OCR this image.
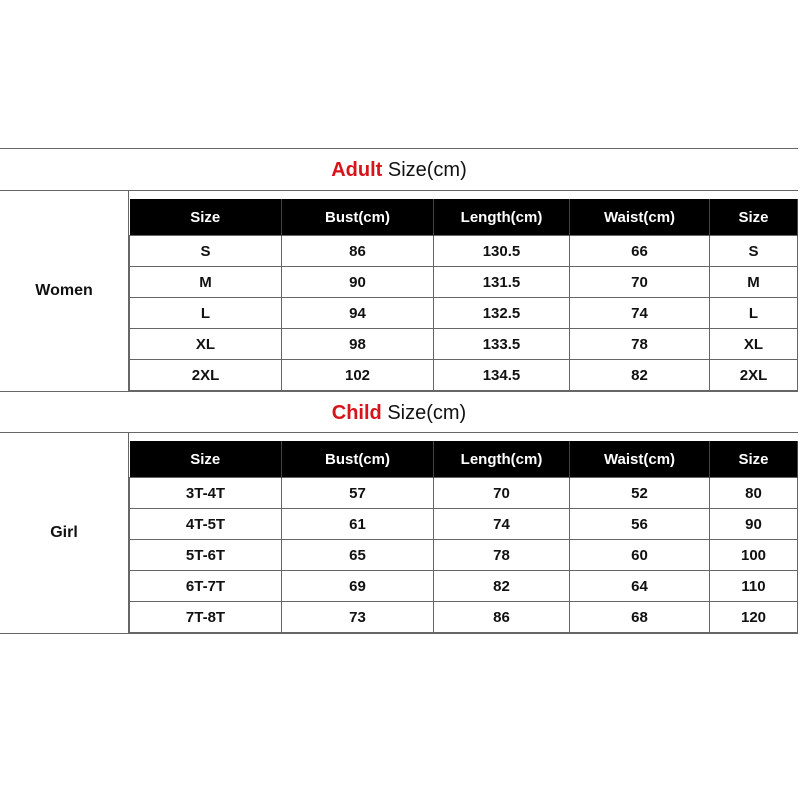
Adult Size(cm)
Women
Size	Bust(cm)	Length(cm)	Waist(cm)	Size
S	86	130.5	66	S
M	90	131.5	70	M
L	94	132.5	74	L
XL	98	133.5	78	XL
2XL	102	134.5	82	2XL
Child Size(cm)
Girl
Size	Bust(cm)	Length(cm)	Waist(cm)	Size
3T-4T	57	70	52	80
4T-5T	61	74	56	90
5T-6T	65	78	60	100
6T-7T	69	82	64	110
7T-8T	73	86	68	120
